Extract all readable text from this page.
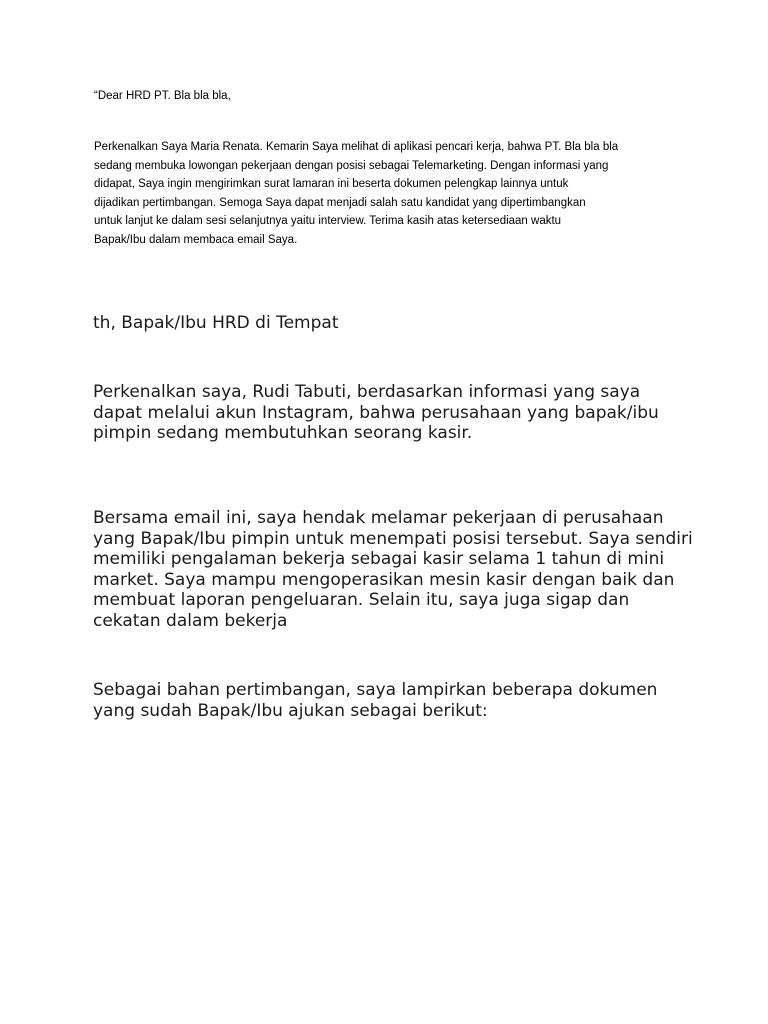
“Dear HRD PT. Bla bla bla,

Perkenalkan Saya Maria Renata. Kemarin Saya melihat di aplikasi pencari kerja, bahwa PT. Bla bla bla
sedang membuka lowongan pekerjaan dengan posisi sebagai Telemarketing. Dengan informasi yang
didapat, Saya ingin mengirimkan surat lamaran ini beserta dokumen pelengkap lainnya untuk
dijadikan pertimbangan. Semoga Saya dapat menjadi salah satu kandidat yang dipertimbangkan
untuk lanjut ke dalam sesi selanjutnya yaitu interview. Terima kasih atas ketersediaan waktu
Bapak/Ibu dalam membaca email Saya.

th, Bapak/Ibu HRD di Tempat

Perkenalkan saya, Rudi Tabuti, berdasarkan informasi yang saya
dapat melalui akun Instagram, bahwa perusahaan yang bapak/ibu
pimpin sedang membutuhkan seorang kasir.

Bersama email ini, saya hendak melamar pekerjaan di perusahaan
yang Bapak/Ibu pimpin untuk menempati posisi tersebut. Saya sendiri
memiliki pengalaman bekerja sebagai kasir selama 1 tahun di mini
market. Saya mampu mengoperasikan mesin kasir dengan baik dan
membuat laporan pengeluaran. Selain itu, saya juga sigap dan
cekatan dalam bekerja

Sebagai bahan pertimbangan, saya lampirkan beberapa dokumen
yang sudah Bapak/Ibu ajukan sebagai berikut:
